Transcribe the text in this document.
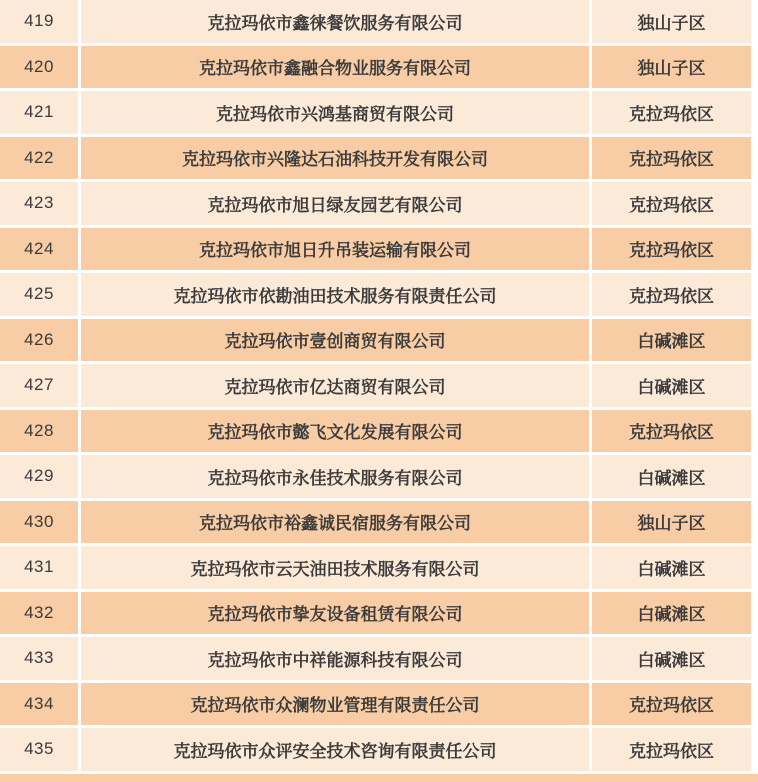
419	克拉玛依市鑫徕餐饮服务有限公司	独山子区
420	克拉玛依市鑫融合物业服务有限公司	独山子区
421	克拉玛依市兴鸿基商贸有限公司	克拉玛依区
422	克拉玛依市兴隆达石油科技开发有限公司	克拉玛依区
423	克拉玛依市旭日绿友园艺有限公司	克拉玛依区
424	克拉玛依市旭日升吊装运输有限公司	克拉玛依区
425	克拉玛依市依勘油田技术服务有限责任公司	克拉玛依区
426	克拉玛依市壹创商贸有限公司	白碱滩区
427	克拉玛依市亿达商贸有限公司	白碱滩区
428	克拉玛依市懿飞文化发展有限公司	克拉玛依区
429	克拉玛依市永佳技术服务有限公司	白碱滩区
430	克拉玛依市裕鑫诚民宿服务有限公司	独山子区
431	克拉玛依市云天油田技术服务有限公司	白碱滩区
432	克拉玛依市挚友设备租赁有限公司	白碱滩区
433	克拉玛依市中祥能源科技有限公司	白碱滩区
434	克拉玛依市众澜物业管理有限责任公司	克拉玛依区
435	克拉玛依市众评安全技术咨询有限责任公司	克拉玛依区
